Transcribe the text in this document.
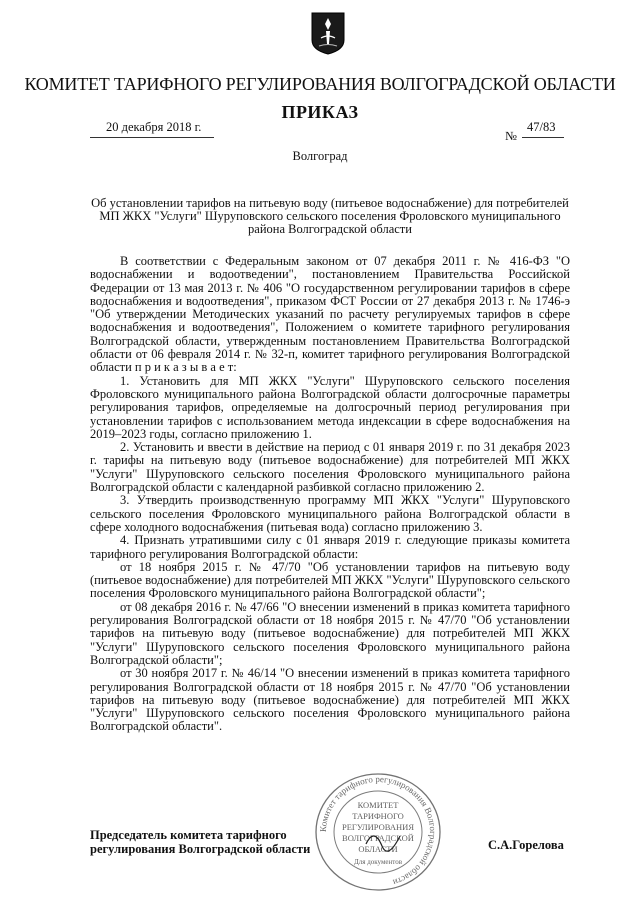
КОМИТЕТ ТАРИФНОГО РЕГУЛИРОВАНИЯ ВОЛГОГРАДСКОЙ ОБЛАСТИ
ПРИКАЗ
20 декабря 2018 г.
№
47/83
Волгоград
Об установлении тарифов на питьевую воду (питьевое водоснабжение) для потребителей МП ЖКХ "Услуги" Шуруповского сельского поселения Фроловского муниципального района Волгоградской области

В соответствии с Федеральным законом от 07 декабря 2011 г. № 416-ФЗ "О водоснабжении и водоотведении", постановлением Правительства Российской Федерации от 13 мая 2013 г. № 406 "О государственном регулировании тарифов в сфере водоснабжения и водоотведения", приказом ФСТ России от 27 декабря 2013 г. № 1746-э "Об утверждении Методических указаний по расчету регулируемых тарифов в сфере водоснабжения и водоотведения", Положением о комитете тарифного регулирования Волгоградской области, утвержденным постановлением Правительства Волгоградской области от 06 февраля 2014 г. № 32-п, комитет тарифного регулирования Волгоградской области п р и к а з ы в а е т:

1. Установить для МП ЖКХ "Услуги" Шуруповского сельского поселения Фроловского муниципального района Волгоградской области долгосрочные параметры регулирования тарифов, определяемые на долгосрочный период регулирования при установлении тарифов с использованием метода индексации в сфере водоснабжения на 2019–2023 годы, согласно приложению 1.

2. Установить и ввести в действие на период с 01 января 2019 г. по 31 декабря 2023 г. тарифы на питьевую воду (питьевое водоснабжение) для потребителей МП ЖКХ "Услуги" Шуруповского сельского поселения Фроловского муниципального района Волгоградской области с календарной разбивкой согласно приложению 2.

3. Утвердить производственную программу МП ЖКХ "Услуги" Шуруповского сельского поселения Фроловского муниципального района Волгоградской области в сфере холодного водоснабжения (питьевая вода) согласно приложению 3.

4. Признать утратившими силу с 01 января 2019 г. следующие приказы комитета тарифного регулирования Волгоградской области:

от 18 ноября 2015 г. № 47/70 "Об установлении тарифов на питьевую воду (питьевое водоснабжение) для потребителей МП ЖКХ "Услуги" Шуруповского сельского поселения Фроловского муниципального района Волгоградской области";

от 08 декабря 2016 г. № 47/66 "О внесении изменений в приказ комитета тарифного регулирования Волгоградской области от 18 ноября 2015 г. № 47/70 "Об установлении тарифов на питьевую воду (питьевое водоснабжение) для потребителей МП ЖКХ "Услуги" Шуруповского сельского поселения Фроловского муниципального района Волгоградской области";

от 30 ноября 2017 г. № 46/14 "О внесении изменений в приказ комитета тарифного регулирования Волгоградской области от 18 ноября 2015 г. № 47/70 "Об установлении тарифов на питьевую воду (питьевое водоснабжение) для потребителей МП ЖКХ "Услуги" Шуруповского сельского поселения Фроловского муниципального района Волгоградской области".

Председатель комитета тарифного
регулирования Волгоградской области	С.А.Горелова
Комитет тарифного регулирования Волгоградской области
КОМИТЕТ
ТАРИФНОГО
РЕГУЛИРОВАНИЯ
ВОЛГОГРАДСКОЙ
ОБЛАСТИ
Для документов
